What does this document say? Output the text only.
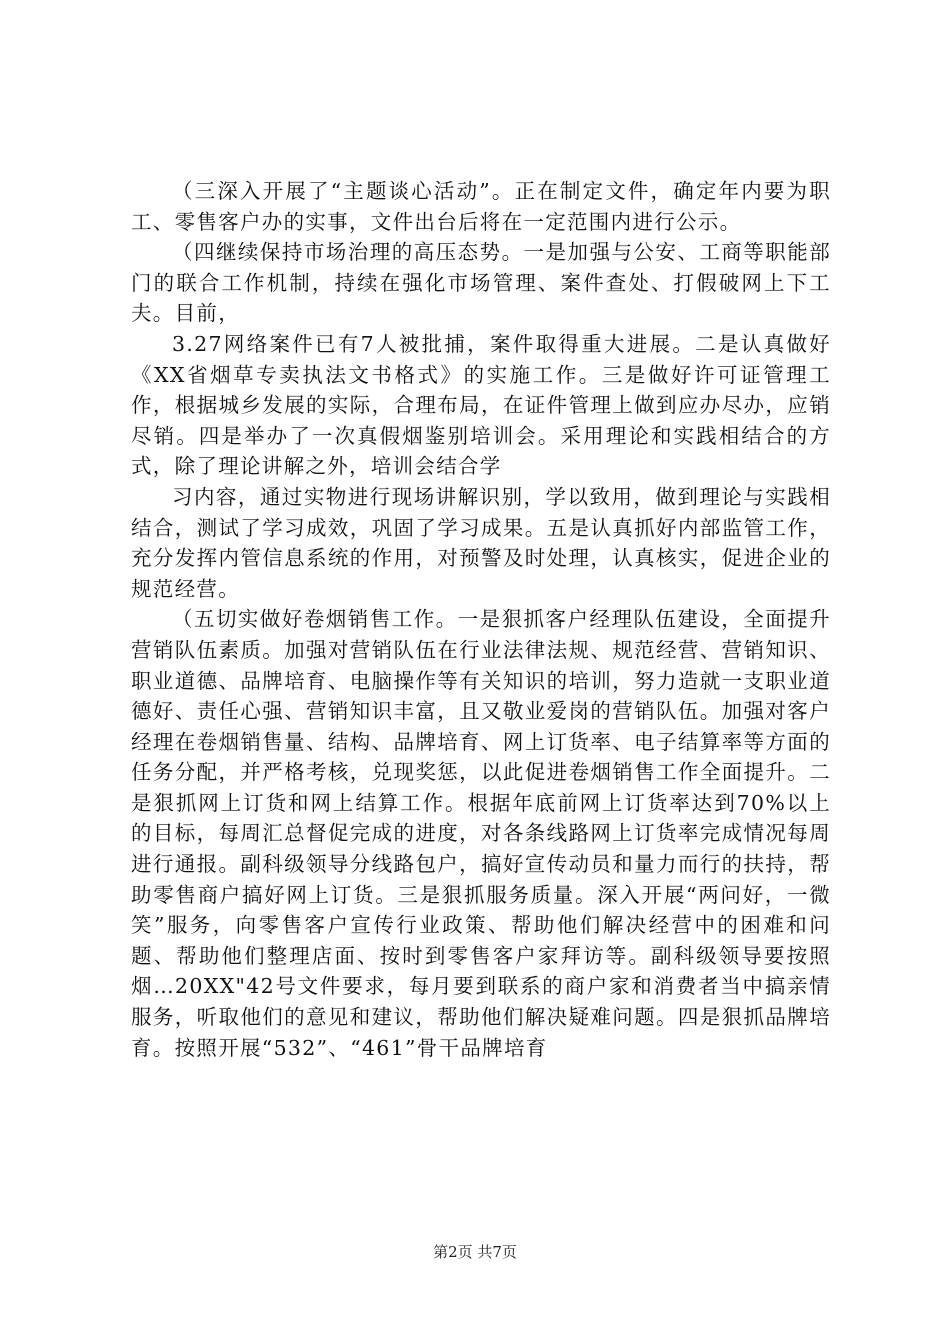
（三深入开展了“主题谈心活动”。正在制定文件，确定年内要为职工、零售客户办的实事，文件出台后将在一定范围内进行公示。

（四继续保持市场治理的高压态势。一是加强与公安、工商等职能部门的联合工作机制，持续在强化市场管理、案件查处、打假破网上下工夫。目前，

3.27网络案件已有7人被批捕，案件取得重大进展。二是认真做好《XX省烟草专卖执法文书格式》的实施工作。三是做好许可证管理工作，根据城乡发展的实际，合理布局，在证件管理上做到应办尽办，应销尽销。四是举办了一次真假烟鉴别培训会。采用理论和实践相结合的方式，除了理论讲解之外，培训会结合学

习内容，通过实物进行现场讲解识别，学以致用，做到理论与实践相结合，测试了学习成效，巩固了学习成果。五是认真抓好内部监管工作，充分发挥内管信息系统的作用，对预警及时处理，认真核实，促进企业的规范经营。

（五切实做好卷烟销售工作。一是狠抓客户经理队伍建设，全面提升营销队伍素质。加强对营销队伍在行业法律法规、规范经营、营销知识、职业道德、品牌培育、电脑操作等有关知识的培训，努力造就一支职业道德好、责任心强、营销知识丰富，且又敬业爱岗的营销队伍。加强对客户经理在卷烟销售量、结构、品牌培育、网上订货率、电子结算率等方面的任务分配，并严格考核，兑现奖惩，以此促进卷烟销售工作全面提升。二是狠抓网上订货和网上结算工作。根据年底前网上订货率达到70%以上的目标，每周汇总督促完成的进度，对各条线路网上订货率完成情况每周进行通报。副科级领导分线路包户，搞好宣传动员和量力而行的扶持，帮助零售商户搞好网上订货。三是狠抓服务质量。深入开展“两问好，一微笑”服务，向零售客户宣传行业政策、帮助他们解决经营中的困难和问题、帮助他们整理店面、按时到零售客户家拜访等。副科级领导要按照烟…20XX"42号文件要求，每月要到联系的商户家和消费者当中搞亲情服务，听取他们的意见和建议，帮助他们解决疑难问题。四是狠抓品牌培育。按照开展“532”、“461”骨干品牌培育

第2页 共7页
